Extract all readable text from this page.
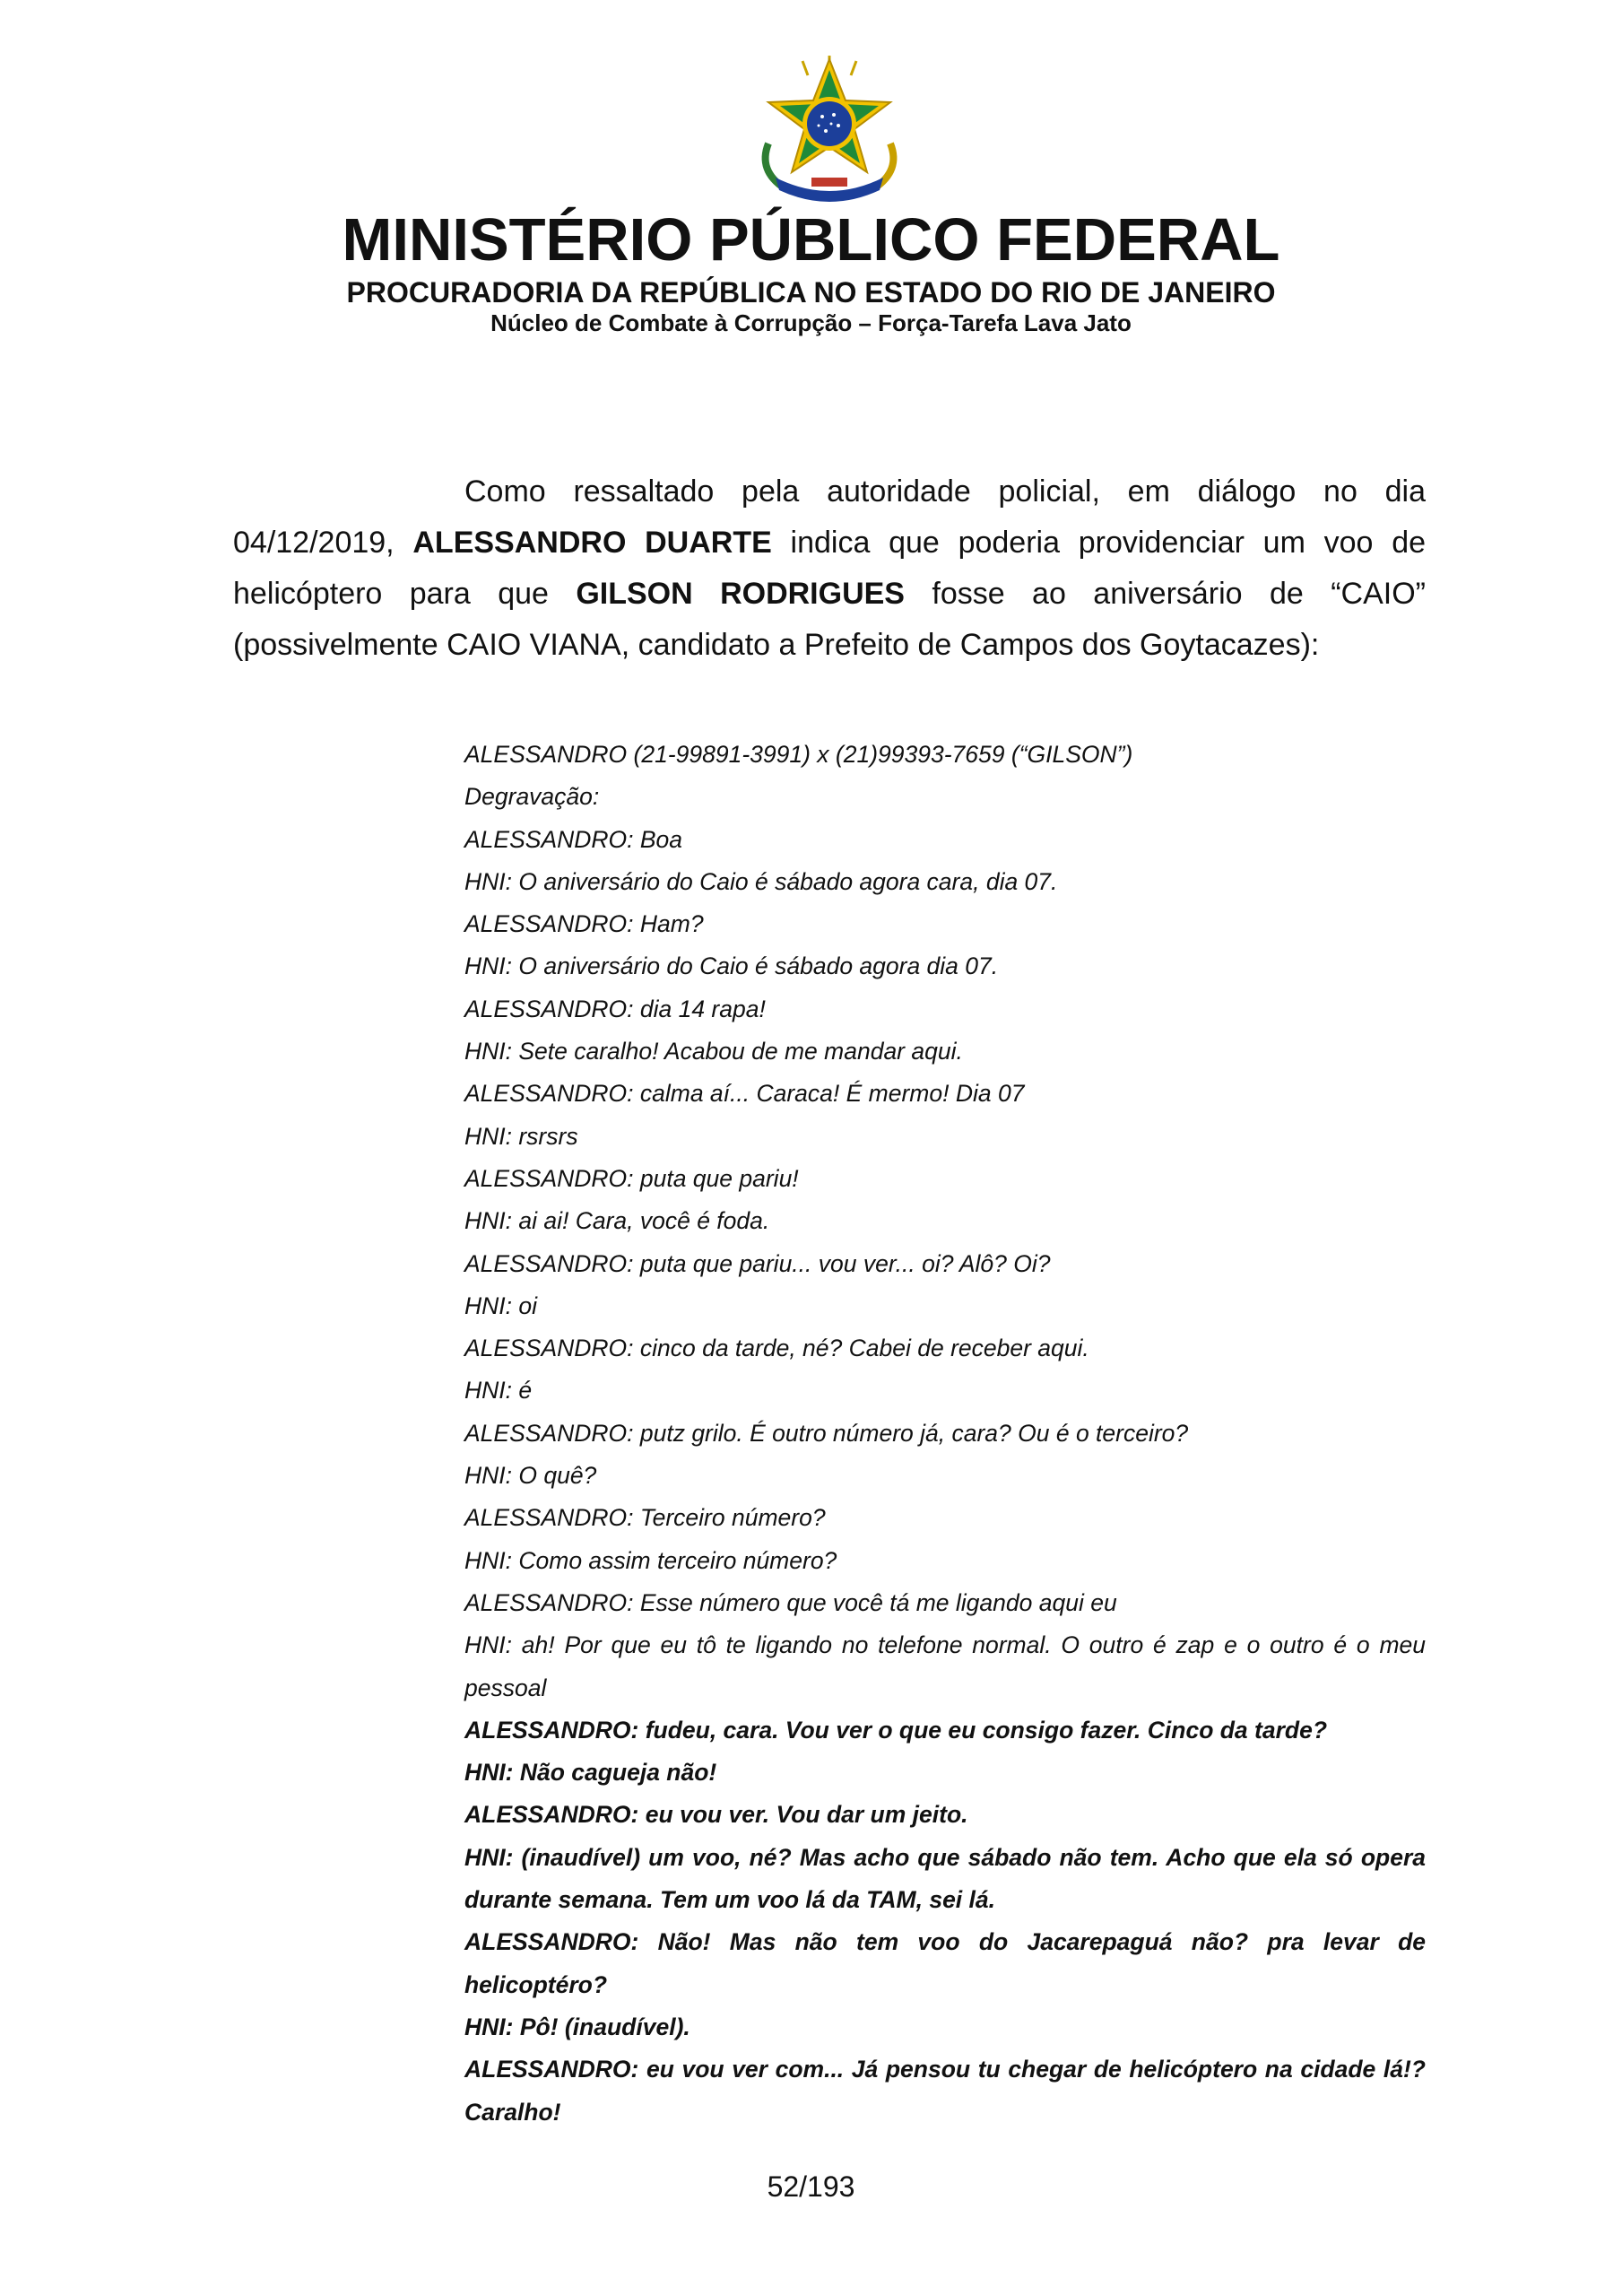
MINISTÉRIO PÚBLICO FEDERAL
PROCURADORIA DA REPÚBLICA NO ESTADO DO RIO DE JANEIRO
Núcleo de Combate à Corrupção – Força-Tarefa Lava Jato

Como ressaltado pela autoridade policial, em diálogo no dia 04/12/2019, ALESSANDRO DUARTE indica que poderia providenciar um voo de helicóptero para que GILSON RODRIGUES fosse ao aniversário de “CAIO” (possivelmente CAIO VIANA, candidato a Prefeito de Campos dos Goytacazes):

ALESSANDRO (21-99891-3991) x (21)99393-7659 (“GILSON”)
Degravação:
ALESSANDRO: Boa
HNI: O aniversário do Caio é sábado agora cara, dia 07.
ALESSANDRO: Ham?
HNI: O aniversário do Caio é sábado agora dia 07.
ALESSANDRO: dia 14 rapa!
HNI: Sete caralho! Acabou de me mandar aqui.
ALESSANDRO: calma aí... Caraca! É mermo! Dia 07
HNI: rsrsrs
ALESSANDRO: puta que pariu!
HNI: ai ai! Cara, você é foda.
ALESSANDRO: puta que pariu... vou ver... oi? Alô? Oi?
HNI: oi
ALESSANDRO: cinco da tarde, né? Cabei de receber aqui.
HNI: é
ALESSANDRO: putz grilo. É outro número já, cara? Ou é o terceiro?
HNI: O quê?
ALESSANDRO: Terceiro número?
HNI: Como assim terceiro número?
ALESSANDRO: Esse número que você tá me ligando aqui eu
HNI: ah! Por que eu tô te ligando no telefone normal. O outro é zap e o outro é o meu pessoal
ALESSANDRO: fudeu, cara. Vou ver o que eu consigo fazer. Cinco da tarde?
HNI: Não cagueja não!
ALESSANDRO: eu vou ver. Vou dar um jeito.
HNI: (inaudível) um voo, né? Mas acho que sábado não tem. Acho que ela só opera durante semana. Tem um voo lá da TAM, sei lá.
ALESSANDRO: Não! Mas não tem voo do Jacarepaguá não? pra levar de helicoptéro?
HNI: Pô! (inaudível).
ALESSANDRO: eu vou ver com... Já pensou tu chegar de helicóptero na cidade lá!? Caralho!
52/193
